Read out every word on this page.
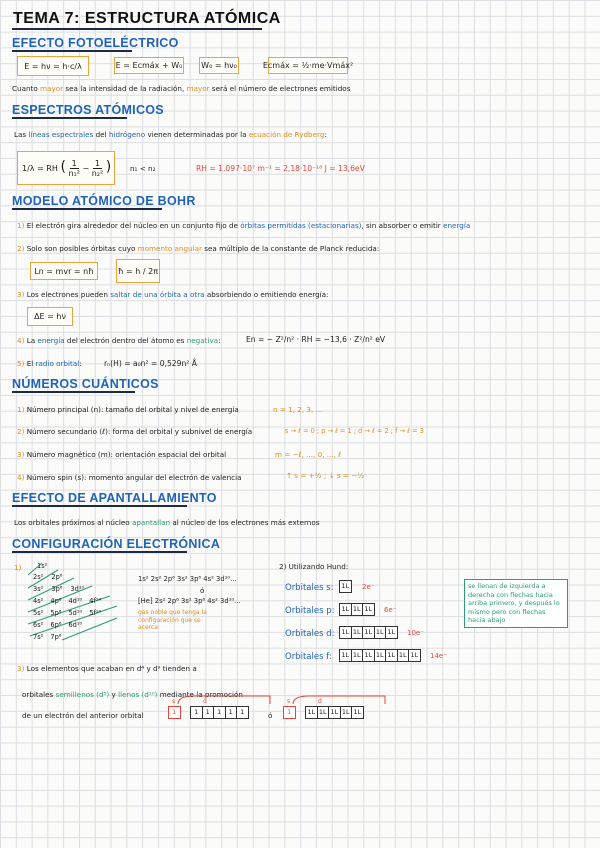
TEMA 7: ESTRUCTURA ATÓMICA
EFECTO FOTOELÉCTRICO
E = hν = h·c/λ	E = Ecmáx + W₀ W₀ = hν₀	Ecmáx = ½·me·Vmáx²
Cuanto mayor sea la intensidad de la radiación, mayor será el número de electrones emitidos
ESPECTROS ATÓMICOS
Las líneas espectrales del hidrógeno vienen determinadas por la ecuación de Rydberg:
1/λ = RH ( $\frac{1}{\text{n₁²}} - \frac{1}{\text{n₂²}}$ )	n₁ < n₂	RH = 1,097·10⁷ m⁻¹ = 2,18·10⁻¹⁸ J = 13,6eV
MODELO ATÓMICO DE BOHR
1) El electrón gira alrededor del núcleo en un conjunto fijo de órbitas permitidas (estacionarias), sin absorber o emitir energía
2) Solo son posibles órbitas cuyo momento angular sea múltiplo de la constante de Planck reducida:
Ln = mvr = nħ	ħ = h / 2π
3) Los electrones pueden saltar de una órbita a otra absorbiendo o emitiendo energía:
ΔE = hν
4) La energía del electrón dentro del átomo es negativa:	En = − Z²/n² · RH = −13,6 · Z²/n² eV
5) El radio orbital:	rₙ(H) = a₀n² = 0,529n² Å
NÚMEROS CUÁNTICOS
1) Número principal (n): tamaño del orbital y nivel de energía	n = 1, 2, 3, ...
2) Número secundario (ℓ): forma del orbital y subnivel de energía	s → ℓ = 0 ; p → ℓ = 1 ; d → ℓ = 2 ; f → ℓ = 3
3) Número magnético (m): orientación espacial del orbital	m = −ℓ, ..., 0, ..., ℓ
4) Número spin (s): momento angular del electrón de valencia	↑ s = +½ ; ↓ s = −½
EFECTO DE APANTALLAMIENTO
Los orbitales próximos al núcleo apantallan al núcleo de los electrones más externos
CONFIGURACIÓN ELECTRÓNICA
1) 1s²
2s² 2p⁶
3s² 3p⁶ 3d¹⁰
4s² 4p⁶ 4d¹⁰ 4f¹⁴
5s² 5p⁶ 5d¹⁰ 5f¹⁴
6s² 6p⁶ 6d¹⁰
7s² 7p⁶
1s² 2s² 2p⁶ 3s² 3p⁶ 4s² 3d¹⁰...
ó
[He] 2s² 2p⁶ 3s² 3p⁶ 4s² 3d¹⁰...
gas noble que tenga la configuración que se acerca
2) Utilizando Hund:
Orbitales s: 1L 2e⁻
Orbitales p: 1L 1L 1L 6e⁻
Orbitales d: 1L 1L 1L 1L 1L 10e⁻
Orbitales f: 1L 1L 1L 1L 1L 1L 1L 14e⁻
se llenan de izquierda a derecha con flechas hacia arriba primero, y después lo mismo pero con flechas hacia abajo
3) Los elementos que acaban en d⁴ y d⁹ tienden a
orbitales semillenos (d⁵) y llenos (d¹⁰) mediante la promoción
de un electrón del anterior orbital
s	d
1	1	1	1	1	1	ó
s	d
1	1L 1L 1L 1L 1L
